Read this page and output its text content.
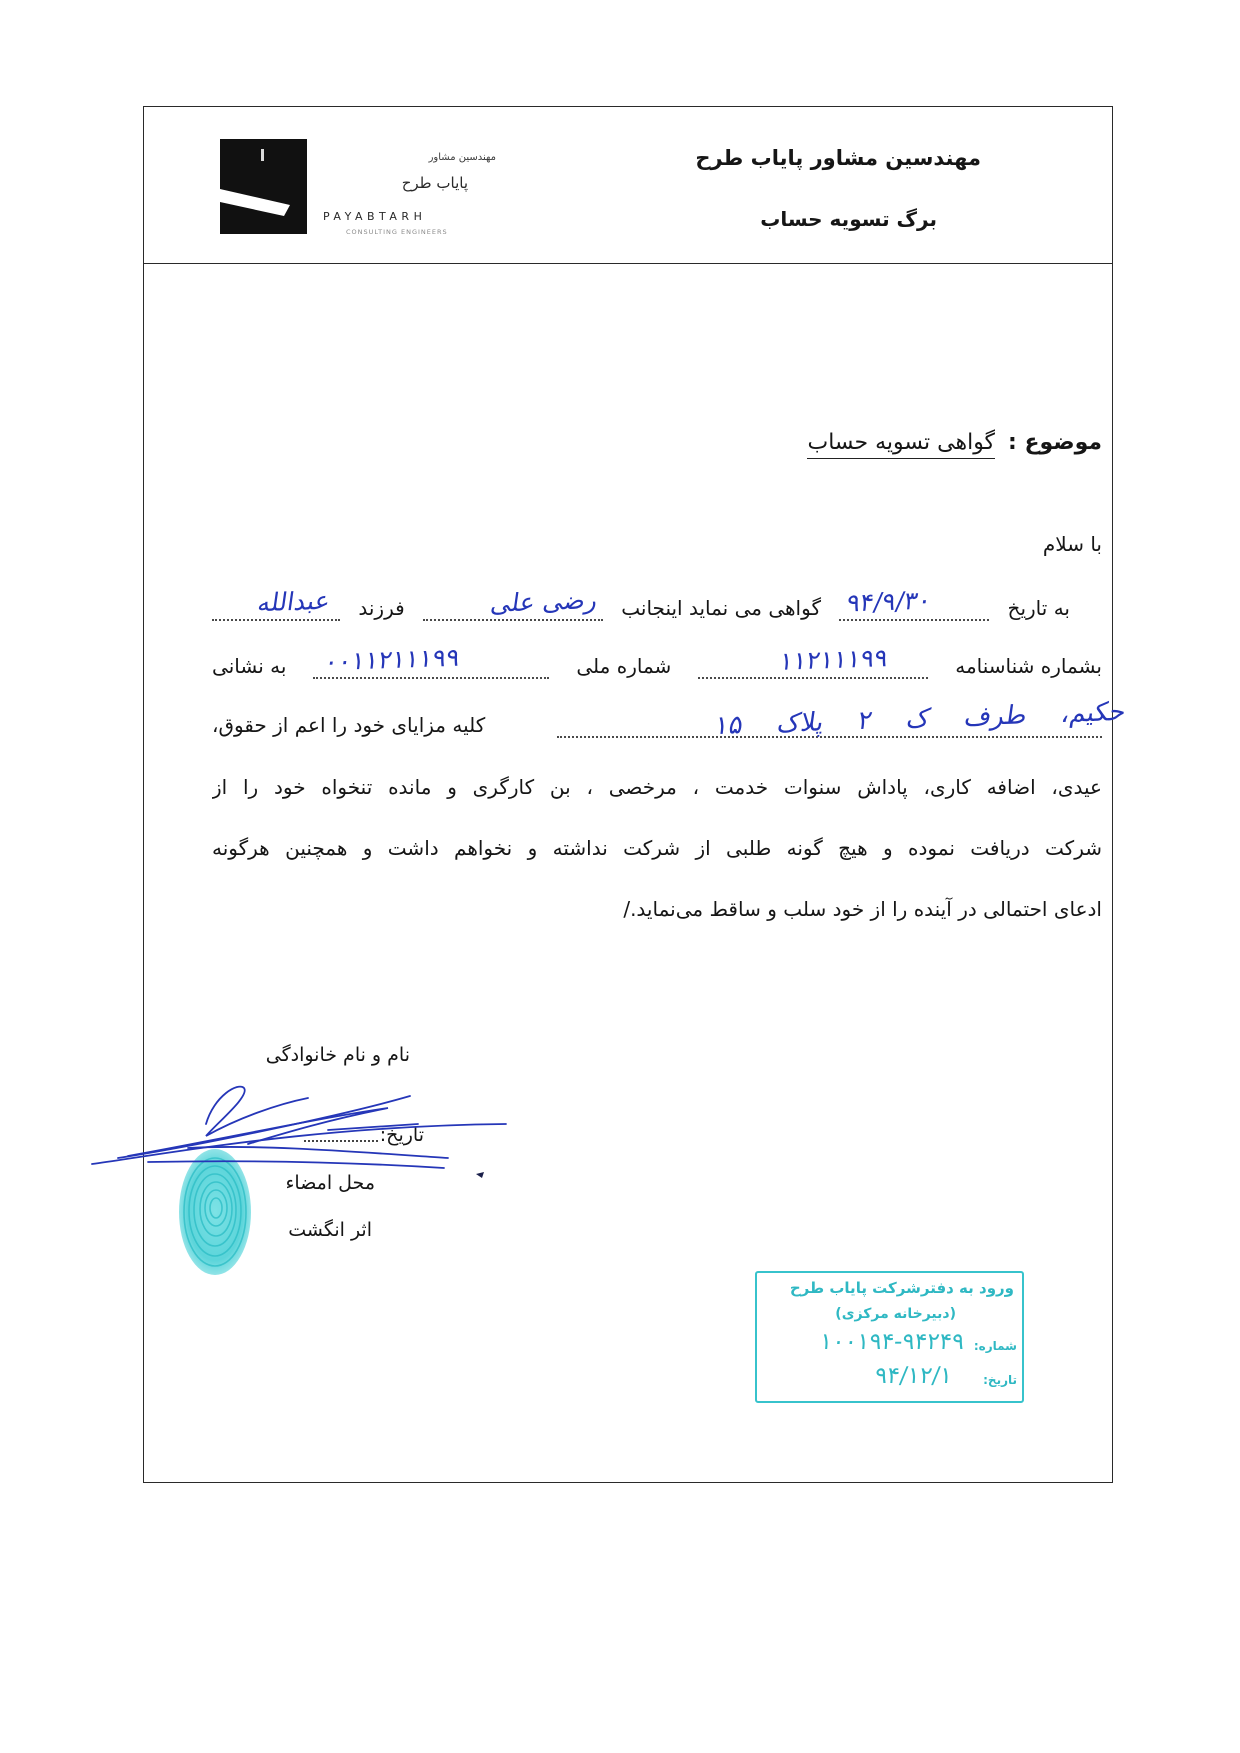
مهندسین مشاور
پایاب طرح
PAYABTARH
CONSULTING ENGINEERS
مهندسین مشاور پایاب طرح
برگ تسویه حساب
موضوع : گواهی تسویه حساب
با سلام
به تاریخ
۹۴/۹/۳۰
گواهی می نماید اینجانب
رضی علی
فرزند
عبدالله
بشماره شناسنامه
۱۱۲۱۱۱۹۹
شماره ملی
۰۰۱۱۲۱۱۱۹۹
به نشانی
حکیم، طرف ک ۲ پلاک ۱۵
کلیه مزایای خود را اعم از حقوق،
عیدی، اضافه کاری، پاداش سنوات خدمت ، مرخصی ، بن کارگری و مانده تنخواه خود را از
شرکت دریافت نموده و هیچ گونه طلبی از شرکت نداشته و نخواهم داشت و همچنین هرگونه
ادعای احتمالی در آینده را از خود سلب و ساقط می‌نماید./
نام و نام خانوادگی
تاریخ:
محل امضاء
اثر انگشت
ورود به دفترشرکت پایاب طرح
(دبیرخانه مرکزی)
شماره:
۱۰۰۱۹۴-۹۴۲۴۹
تاریخ:
۹۴/۱۲/۱
